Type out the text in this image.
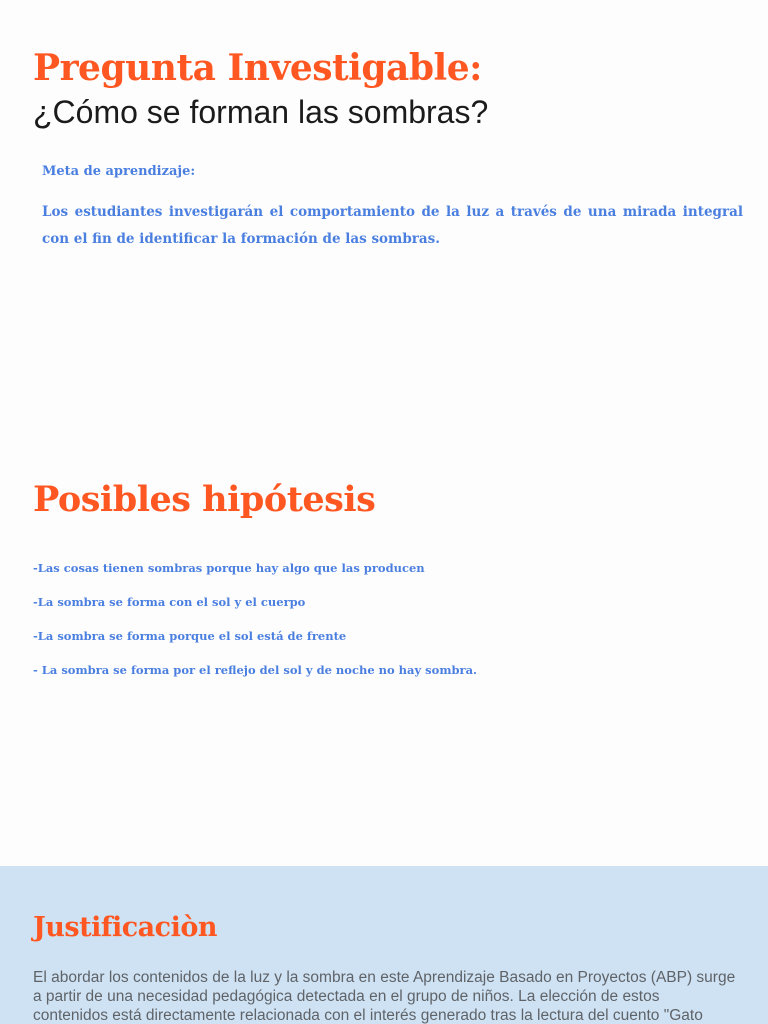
Pregunta Investigable:

¿Cómo se forman las sombras?

Meta de aprendizaje:

Los estudiantes investigarán el comportamiento de la luz a través de una mirada integral con el fin de identificar la formación de las sombras.

Posibles hipótesis
-Las cosas tienen sombras porque hay algo que las producen
-La sombra se forma con el sol y el cuerpo
-La sombra se forma porque el sol está de frente
- La sombra se forma por el reflejo del sol y de noche no hay sombra.
Justificaciòn

El abordar los contenidos de la luz y la sombra en este Aprendizaje Basado en Proyectos (ABP) surge a partir de una necesidad pedagógica detectada en el grupo de niños. La elección de estos contenidos está directamente relacionada con el interés generado tras la lectura del cuento "Gato
